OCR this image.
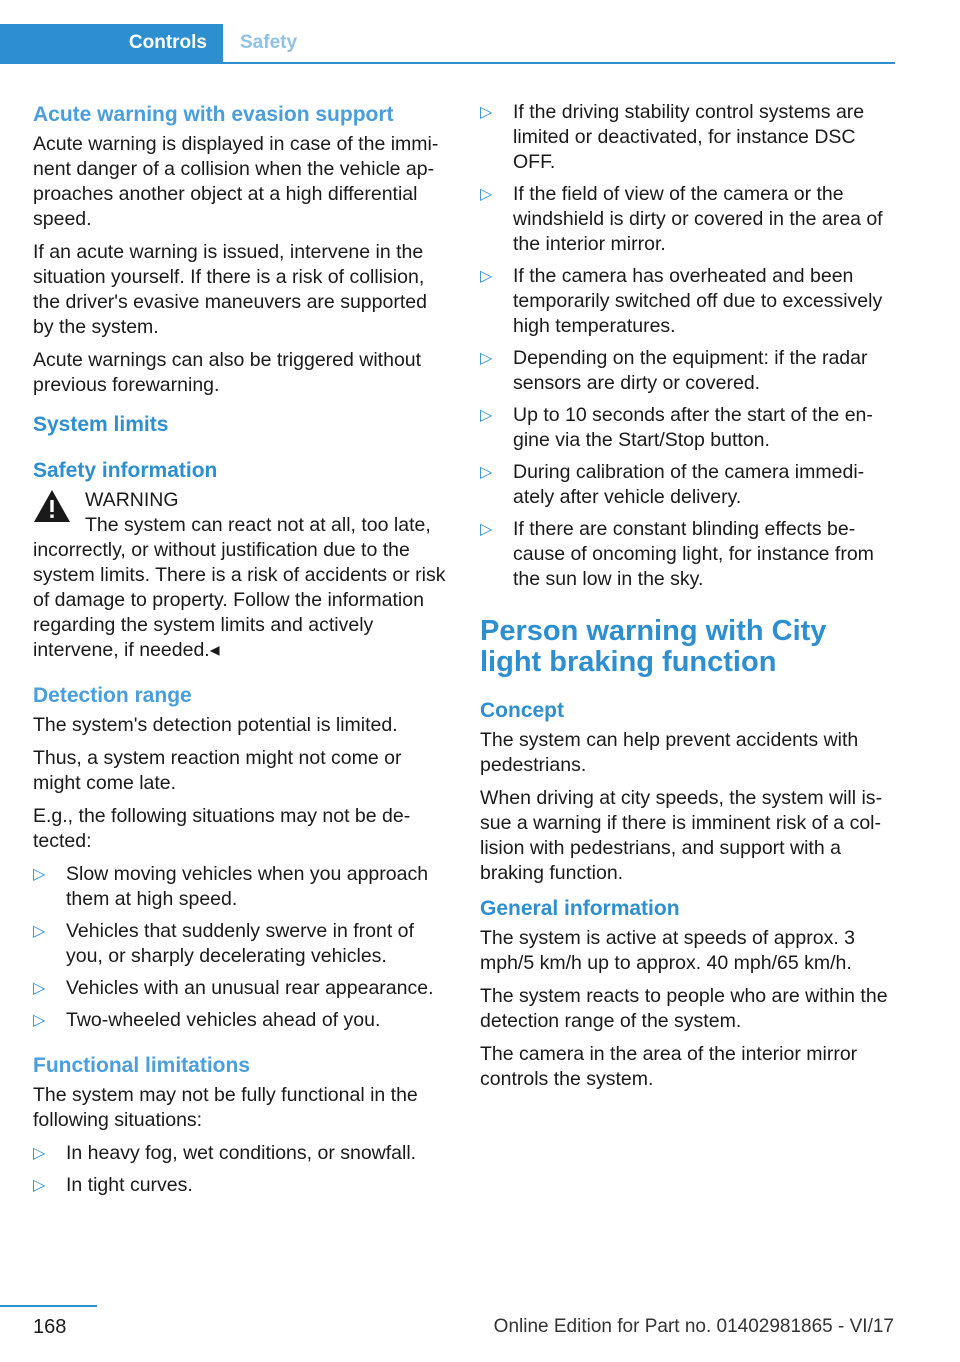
Controls Safety
Acute warning with evasion support

Acute warning is displayed in case of the imminent danger of a collision when the vehicle approaches another object at a high differential speed.

If an acute warning is issued, intervene in the situation yourself. If there is a risk of collision, the driver's evasive maneuvers are supported by the system.

Acute warnings can also be triggered without previous forewarning.

System limits
Safety information
WARNING
The system can react not at all, too late,
incorrectly, or without justification due to the system limits. There is a risk of accidents or risk of damage to property. Follow the information regarding the system limits and actively intervene, if needed.◂
Detection range

The system's detection potential is limited.

Thus, a system reaction might not come or might come late.

E.g., the following situations may not be detected:

▷ Slow moving vehicles when you approach them at high speed.
▷ Vehicles that suddenly swerve in front of you, or sharply decelerating vehicles.
▷ Vehicles with an unusual rear appearance.
▷ Two-wheeled vehicles ahead of you.
Functional limitations

The system may not be fully functional in the following situations:

▷ In heavy fog, wet conditions, or snowfall.
▷ In tight curves.
▷ If the driving stability control systems are limited or deactivated, for instance DSC OFF.
▷ If the field of view of the camera or the windshield is dirty or covered in the area of the interior mirror.
▷ If the camera has overheated and been temporarily switched off due to excessively high temperatures.
▷ Depending on the equipment: if the radar sensors are dirty or covered.
▷ Up to 10 seconds after the start of the engine via the Start/Stop button.
▷ During calibration of the camera immediately after vehicle delivery.
▷ If there are constant blinding effects because of oncoming light, for instance from the sun low in the sky.
Person warning with City light braking function
Concept

The system can help prevent accidents with pedestrians.

When driving at city speeds, the system will issue a warning if there is imminent risk of a collision with pedestrians, and support with a braking function.

General information

The system is active at speeds of approx. 3 mph/5 km/h up to approx. 40 mph/65 km/h.

The system reacts to people who are within the detection range of the system.

The camera in the area of the interior mirror controls the system.

168	Online Edition for Part no. 01402981865 - VI/17
